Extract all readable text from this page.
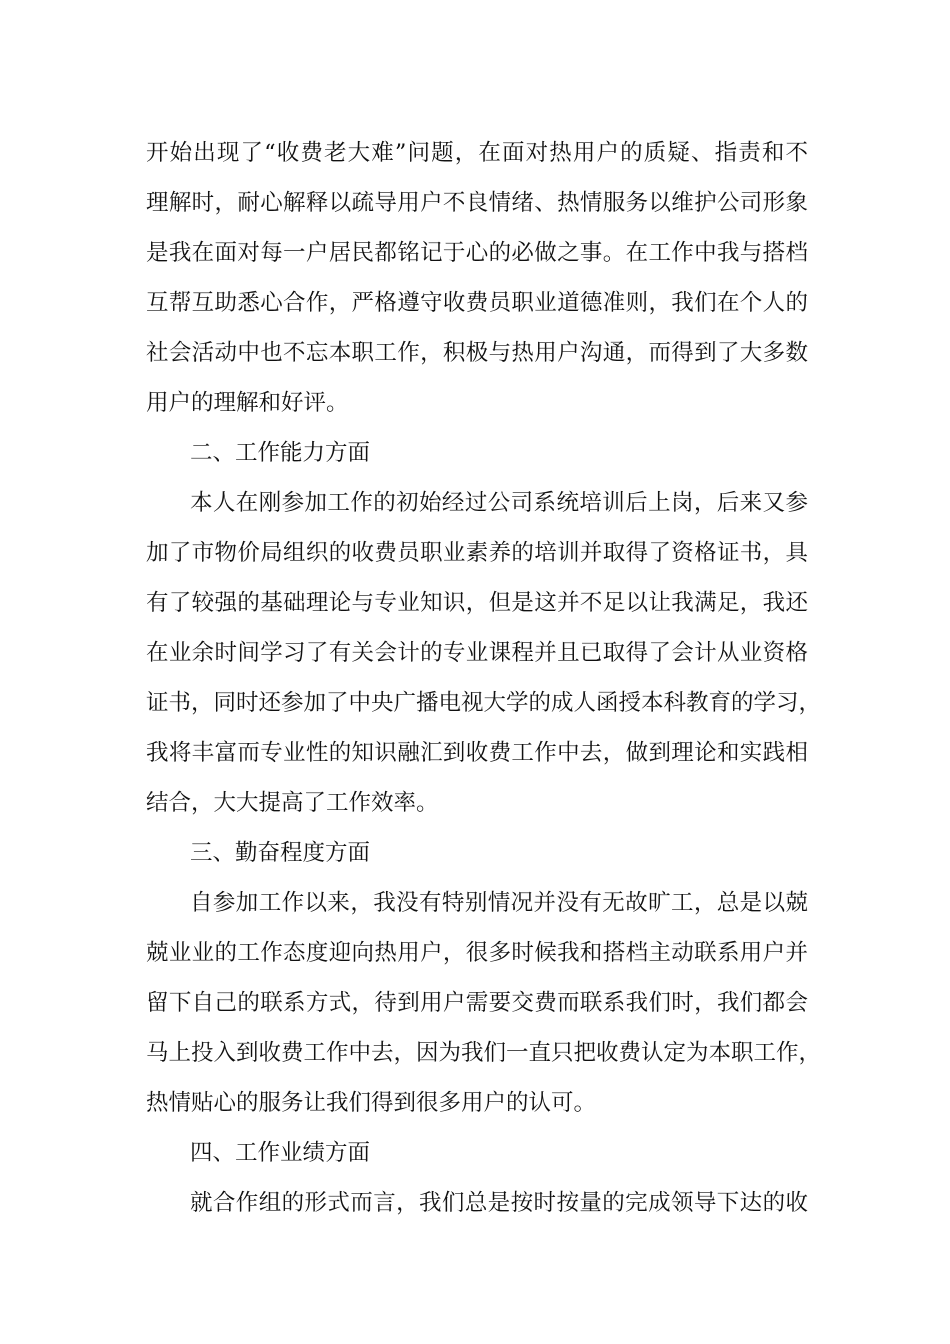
开始出现了“收费老大难”问题，在面对热用户的质疑、指责和不
理解时，耐心解释以疏导用户不良情绪、热情服务以维护公司形象
是我在面对每一户居民都铭记于心的必做之事。在工作中我与搭档
互帮互助悉心合作，严格遵守收费员职业道德准则，我们在个人的
社会活动中也不忘本职工作，积极与热用户沟通，而得到了大多数
用户的理解和好评。
二、工作能力方面
本人在刚参加工作的初始经过公司系统培训后上岗，后来又参
加了市物价局组织的收费员职业素养的培训并取得了资格证书，具
有了较强的基础理论与专业知识，但是这并不足以让我满足，我还
在业余时间学习了有关会计的专业课程并且已取得了会计从业资格
证书，同时还参加了中央广播电视大学的成人函授本科教育的学习，
我将丰富而专业性的知识融汇到收费工作中去，做到理论和实践相
结合，大大提高了工作效率。
三、勤奋程度方面
自参加工作以来，我没有特别情况并没有无故旷工，总是以兢
兢业业的工作态度迎向热用户，很多时候我和搭档主动联系用户并
留下自己的联系方式，待到用户需要交费而联系我们时，我们都会
马上投入到收费工作中去，因为我们一直只把收费认定为本职工作，
热情贴心的服务让我们得到很多用户的认可。
四、工作业绩方面
就合作组的形式而言，我们总是按时按量的完成领导下达的收
